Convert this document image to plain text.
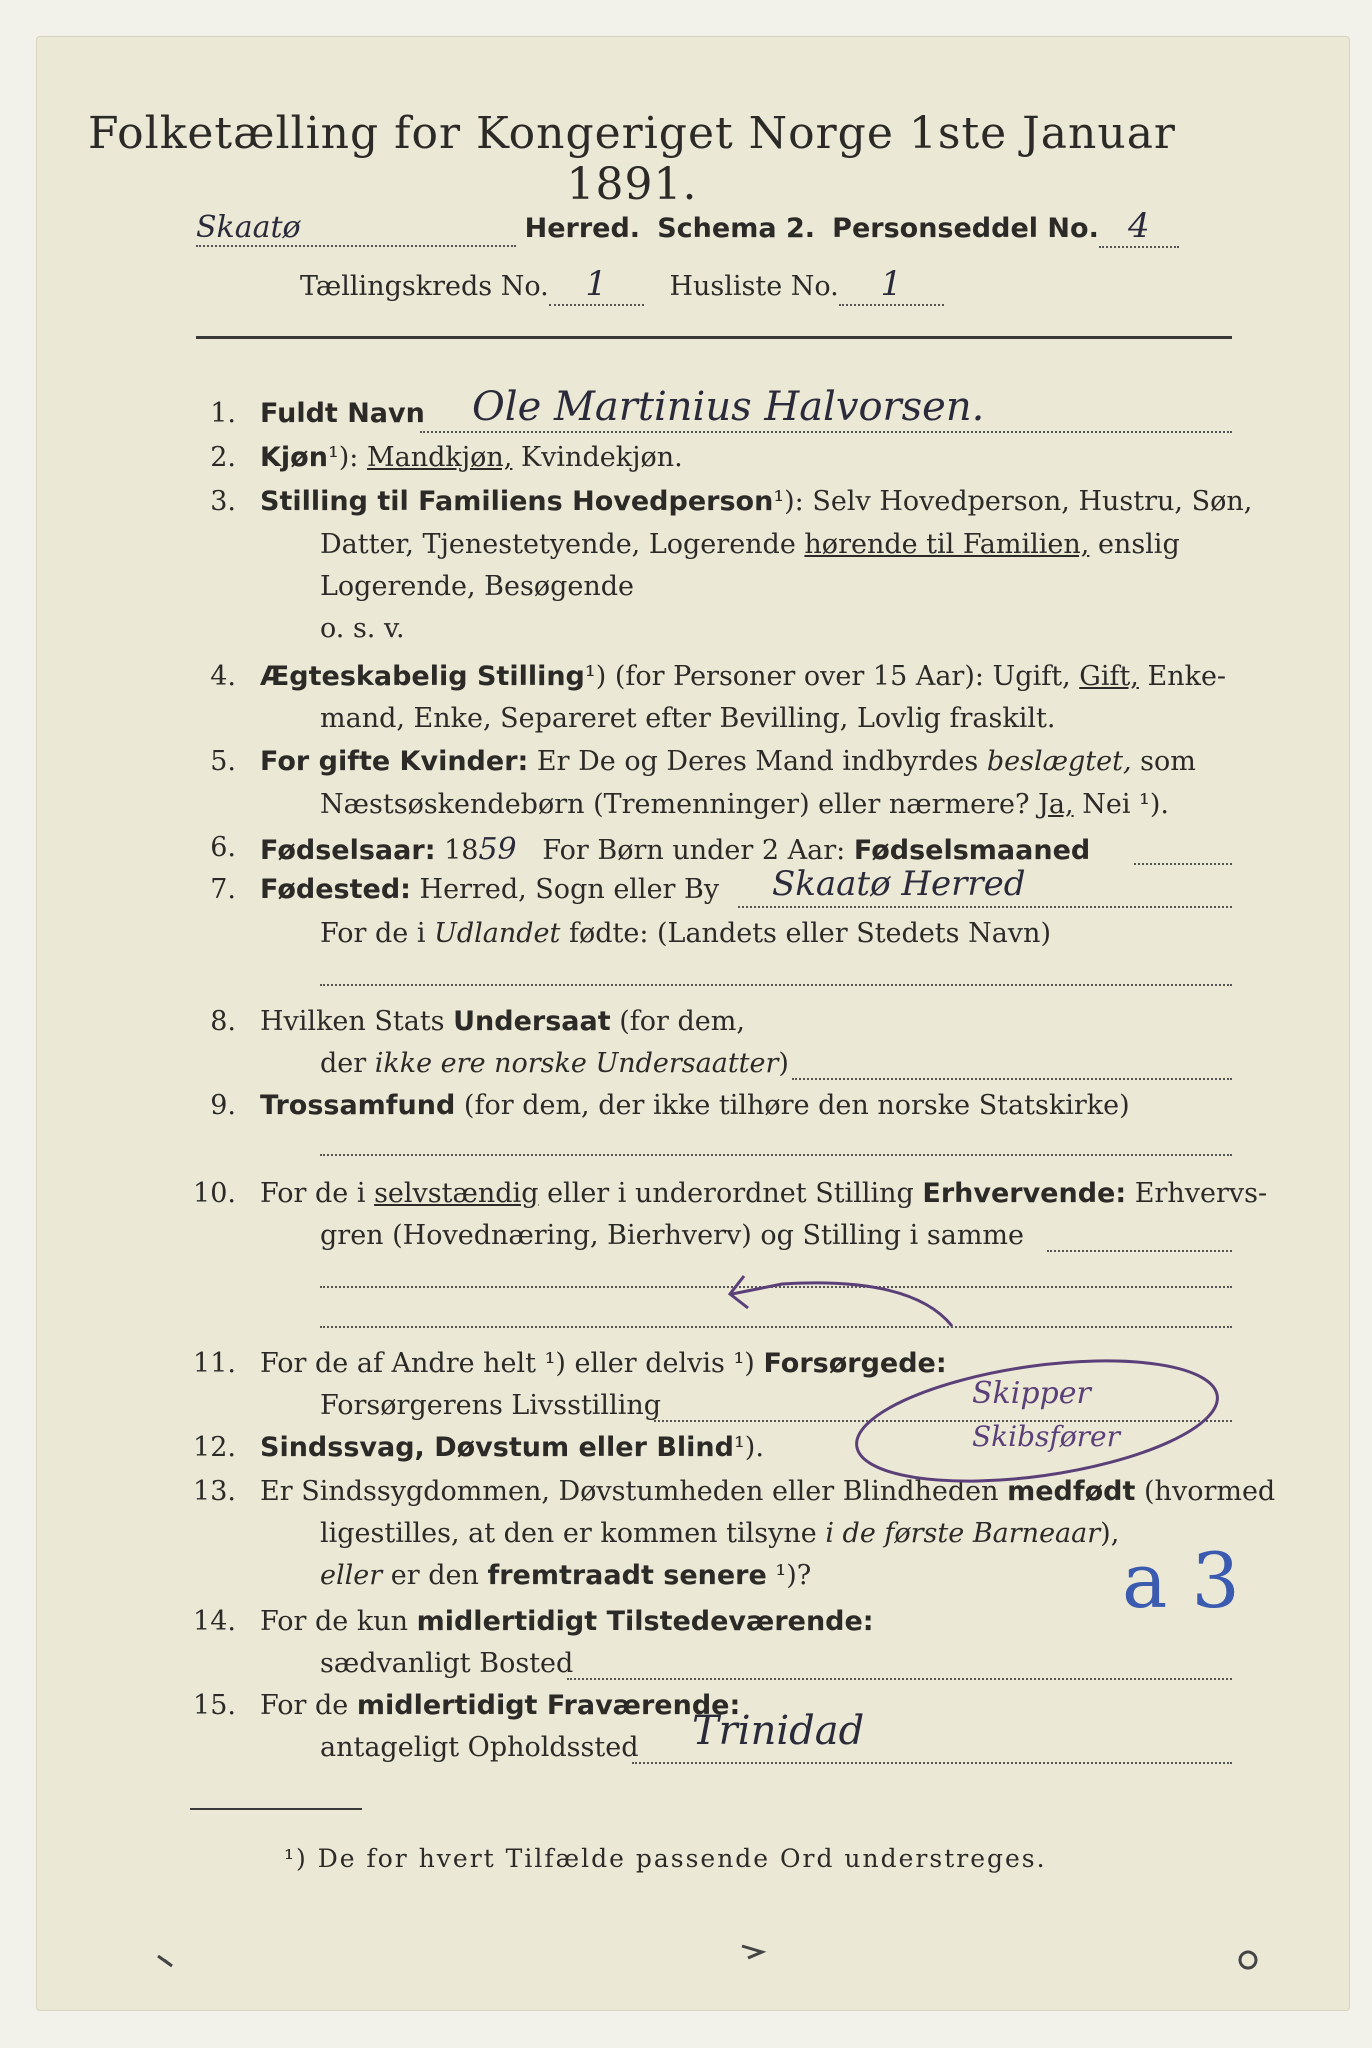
Folketælling for Kongeriget Norge 1ste Januar 1891.
Skaatø	Herred. Schema 2. Personseddel No. 4
Tællingskreds No. 1 Husliste No. 1
1. Fuldt Navn Ole Martinius Halvorsen.
2. Kjøn¹): Mandkjøn, Kvindekjøn.
3. Stilling til Familiens Hovedperson¹): Selv Hovedperson, Hustru, Søn,
Datter, Tjenestetyende, Logerende hørende til Familien, enslig
Logerende, Besøgende
o. s. v.
4. Ægteskabelig Stilling¹) (for Personer over 15 Aar): Ugift, Gift, Enke-
mand, Enke, Separeret efter Bevilling, Lovlig fraskilt.
5. For gifte Kvinder: Er De og Deres Mand indbyrdes beslægtet, som
Næstsøskendebørn (Tremenninger) eller nærmere? Ja, Nei ¹).
6. Fødselsaar: 1859 For Børn under 2 Aar: Fødselsmaaned
7. Fødested: Herred, Sogn eller By Skaatø Herred
For de i Udlandet fødte: (Landets eller Stedets Navn)
8. Hvilken Stats Undersaat (for dem,
der ikke ere norske Undersaatter)
9. Trossamfund (for dem, der ikke tilhøre den norske Statskirke)
10. For de i selvstændig eller i underordnet Stilling Erhvervende: Erhvervs-
gren (Hovednæring, Bierhverv) og Stilling i samme
11. For de af Andre helt ¹) eller delvis ¹) Forsørgede:
Forsørgerens Livsstilling	Skipper
Skibsfører
12. Sindssvag, Døvstum eller Blind¹).
13. Er Sindssygdommen, Døvstumheden eller Blindheden medfødt (hvormed
ligestilles, at den er kommen tilsyne i de første Barneaar),
eller er den fremtraadt senere ¹)?	a 3
14. For de kun midlertidigt Tilstedeværende:
sædvanligt Bosted
15. For de midlertidigt Fraværende:
antageligt Opholdssted Trinidad
¹) De for hvert Tilfælde passende Ord understreges.
